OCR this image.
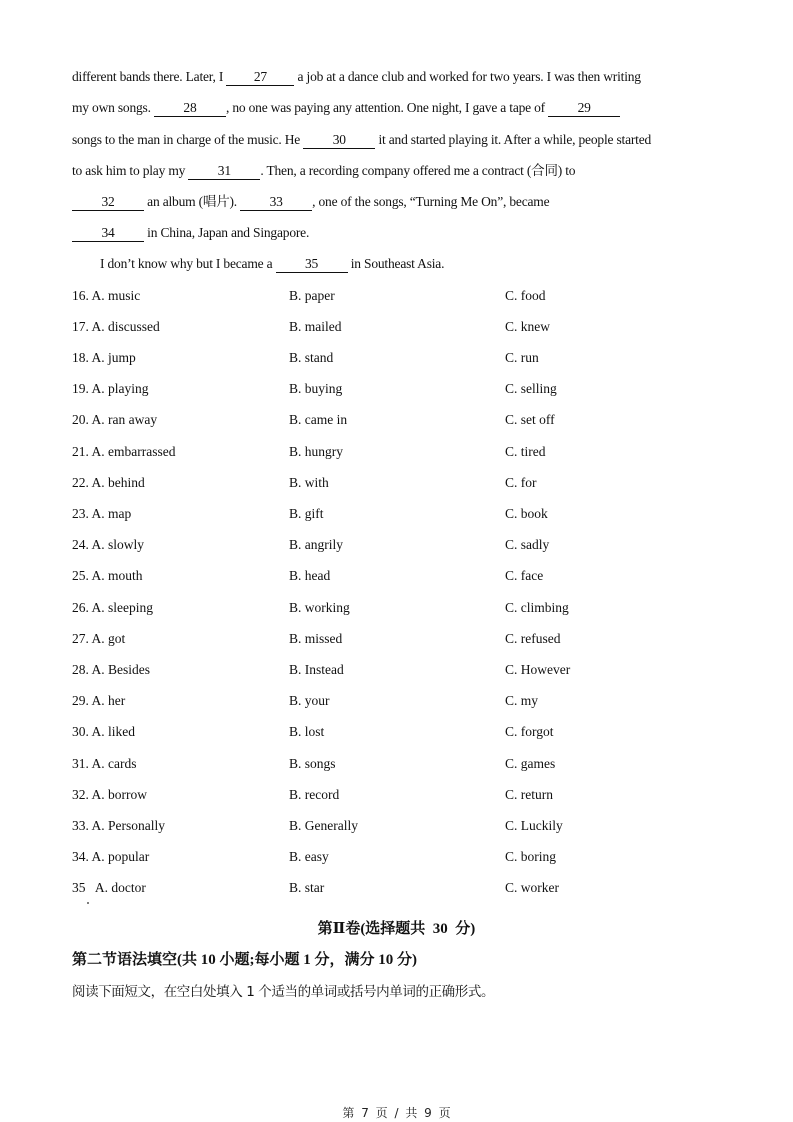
different bands there. Later, I 27 a job at a dance club and worked for two years. I was then writing
my own songs. 28 , no one was paying any attention. One night, I gave a tape of 29
songs to the man in charge of the music. He 30 it and started playing it. After a while, people started
to ask him to play my 31 . Then, a recording company offered me a contract (合同) to
32 an album (唱片). 33 , one of the songs, “Turning Me On”, became
34 in China, Japan and Singapore.
I don’t know why but I became a 35 in Southeast Asia.
16. A. music	B. paper	C. food
17. A. discussed	B. mailed	C. knew
18. A. jump	B. stand	C. run
19. A. playing	B. buying	C. selling
20. A. ran away	B. came in	C. set off
21. A. embarrassed	B. hungry	C. tired
22. A. behind	B. with	C. for
23. A. map	B. gift	C. book
24. A. slowly	B. angrily	C. sadly
25. A. mouth	B. head	C. face
26. A. sleeping	B. working	C. climbing
27. A. got	B. missed	C. refused
28. A. Besides	B. Instead	C. However
29. A. her	B. your	C. my
30. A. liked	B. lost	C. forgot
31. A. cards	B. songs	C. games
32. A. borrow	B. record	C. return
33. A. Personally	B. Generally	C. Luckily
34. A. popular	B. easy	C. boring
35   A. doctor	B. star	C. worker
第Ⅱ卷(选择题共  30  分)
第二节语法填空(共 10 小题;每小题 1 分，满分 10 分)
阅读下面短文，在空白处填入 1 个适当的单词或括号内单词的正确形式。
第 7 页 / 共 9 页
